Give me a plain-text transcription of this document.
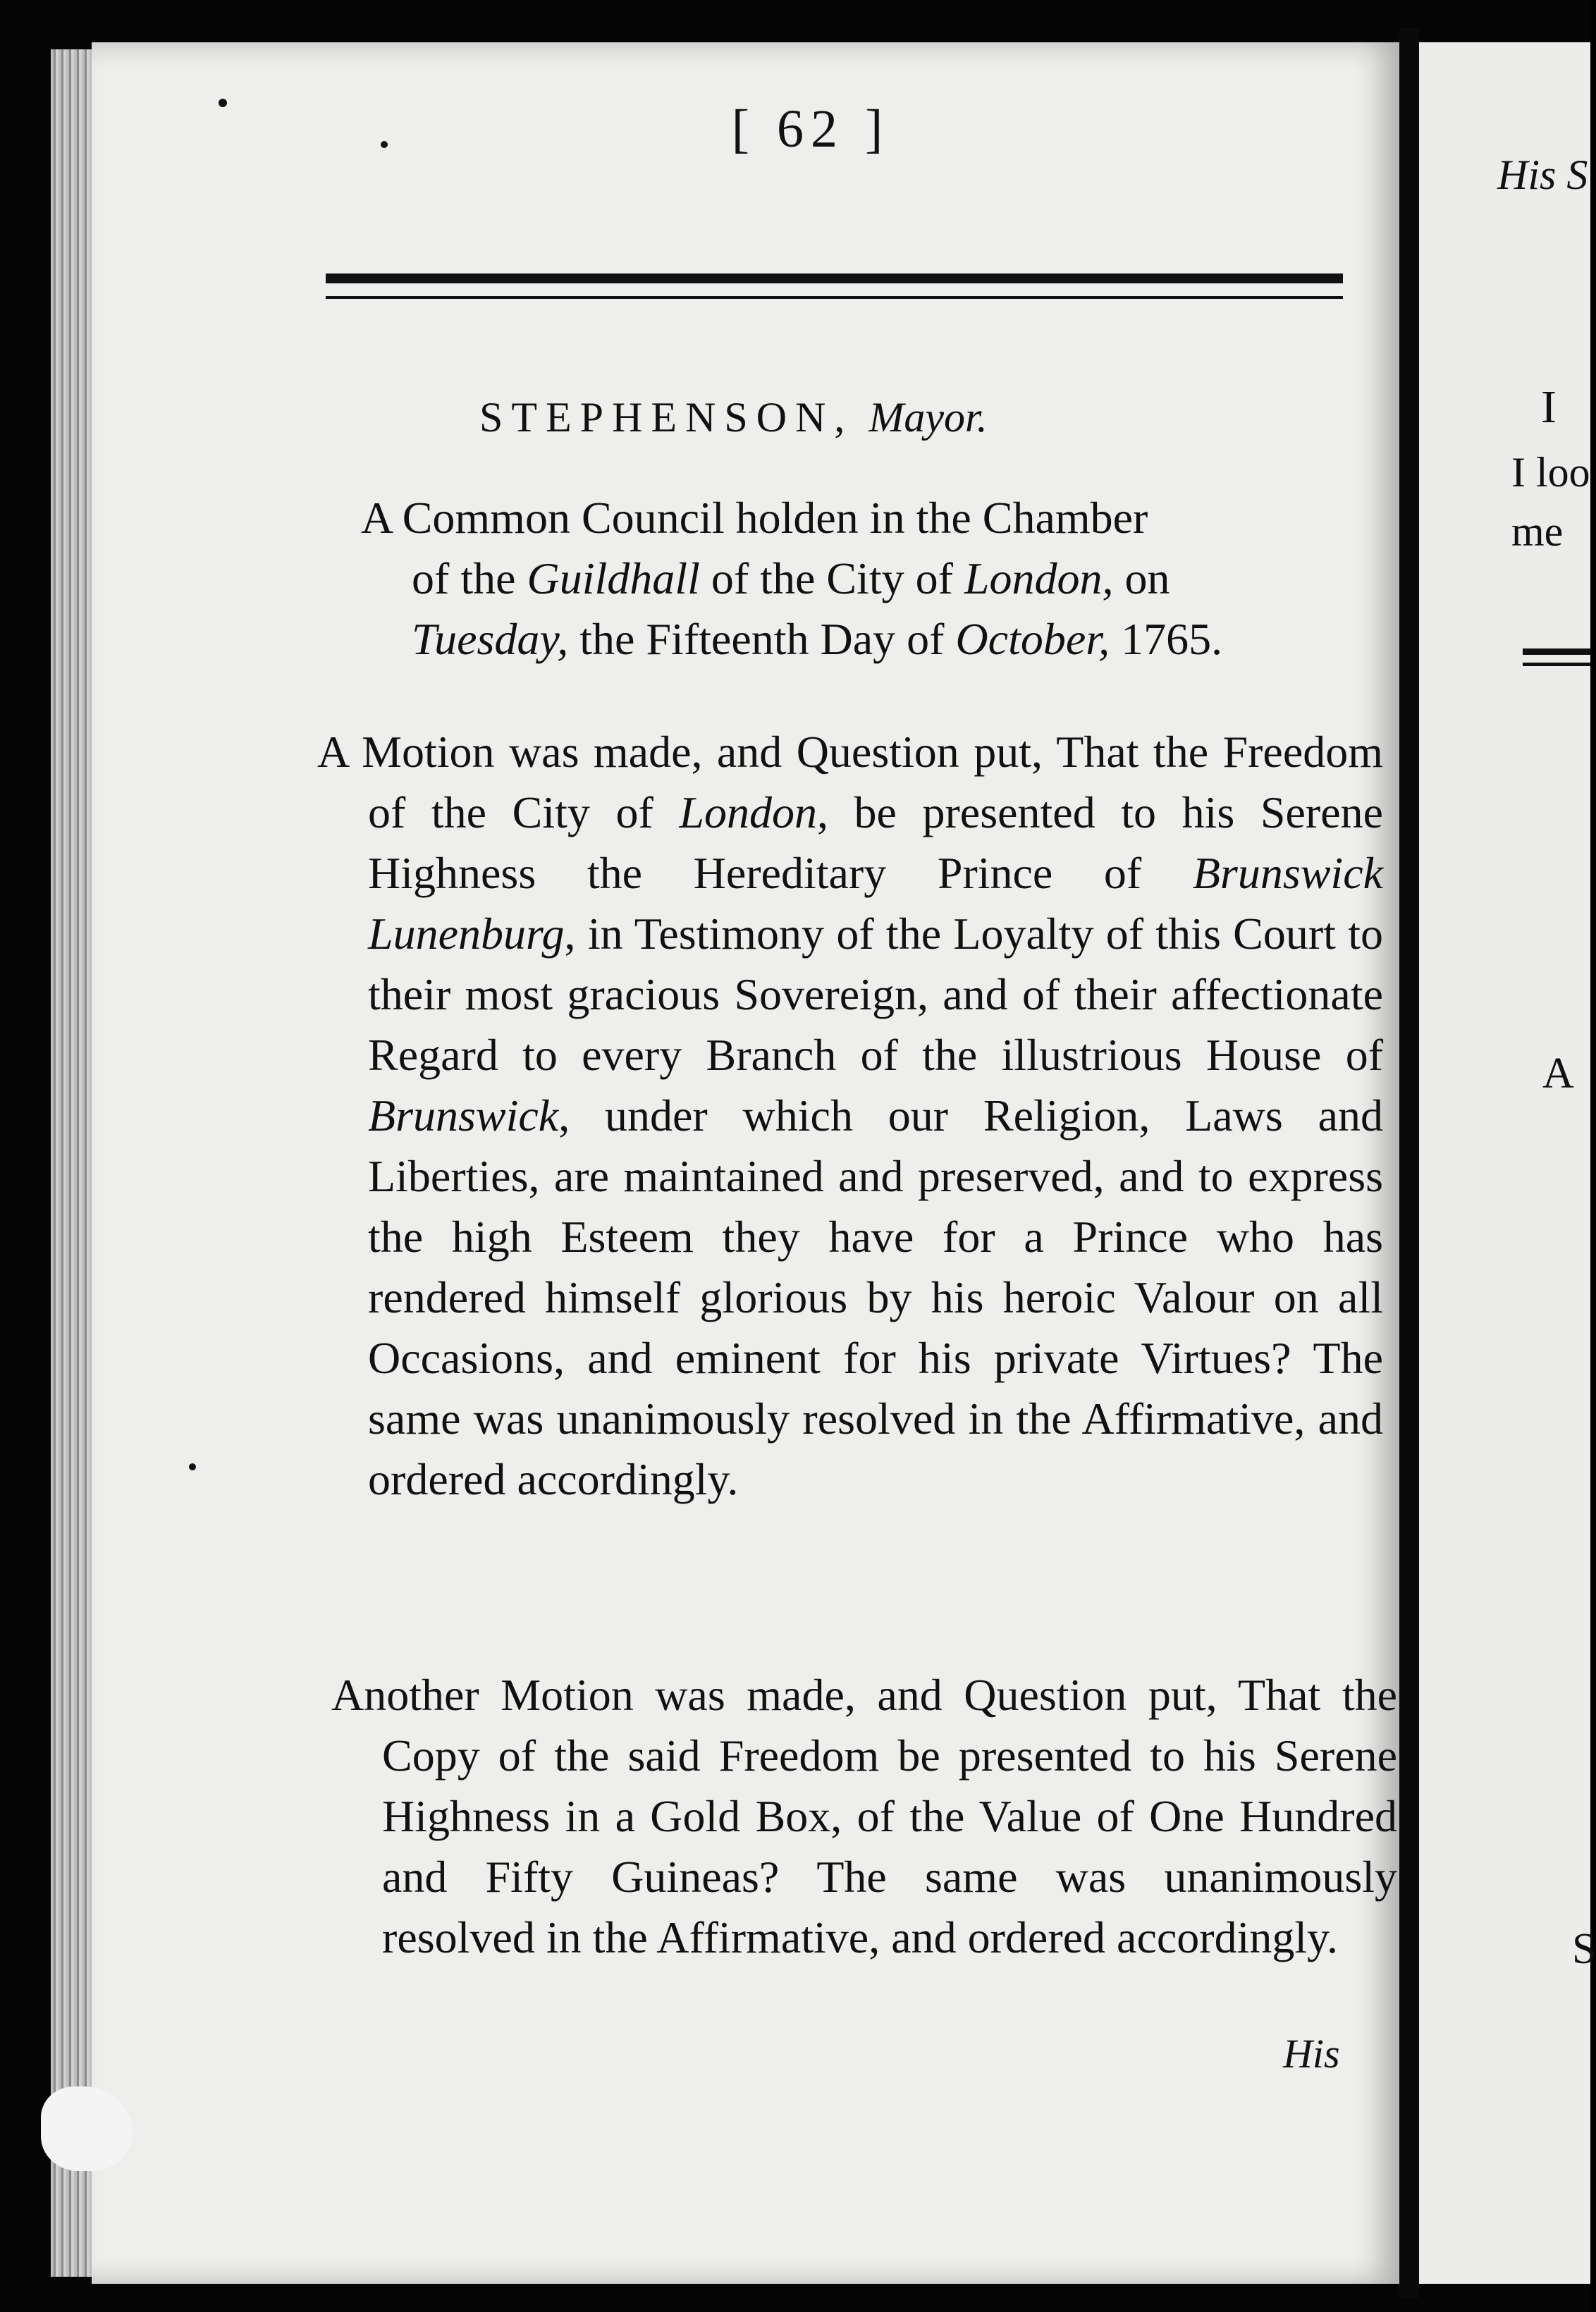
[ 62 ]
STEPHENSON, Mayor.
A Common Council holden in the Chamber
of the Guildhall of the City of London, on
Tuesday, the Fifteenth Day of October, 1765.
A Motion was made, and Question put, That the Freedom of the City of London, be presented to his Serene Highness the Hereditary Prince of Brunswick Lunenburg, in Testimony of the Loyalty of this Court to their most gracious Sovereign, and of their affectionate Regard to every Branch of the illustrious House of Brunswick, under which our Religion, Laws and Liberties, are maintained and preserved, and to express the high Esteem they have for a Prince who has rendered himself glorious by his heroic Valour on all Occasions, and eminent for his private Virtues? The same was unanimously resolved in the Affirmative, and ordered accordingly.
Another Motion was made, and Question put, That the Copy of the said Freedom be presented to his Serene Highness in a Gold Box, of the Value of One Hundred and Fifty Guineas? The same was unanimously resolved in the Affirmative, and ordered accordingly.
His
His S
I
I loo
me
A
S
